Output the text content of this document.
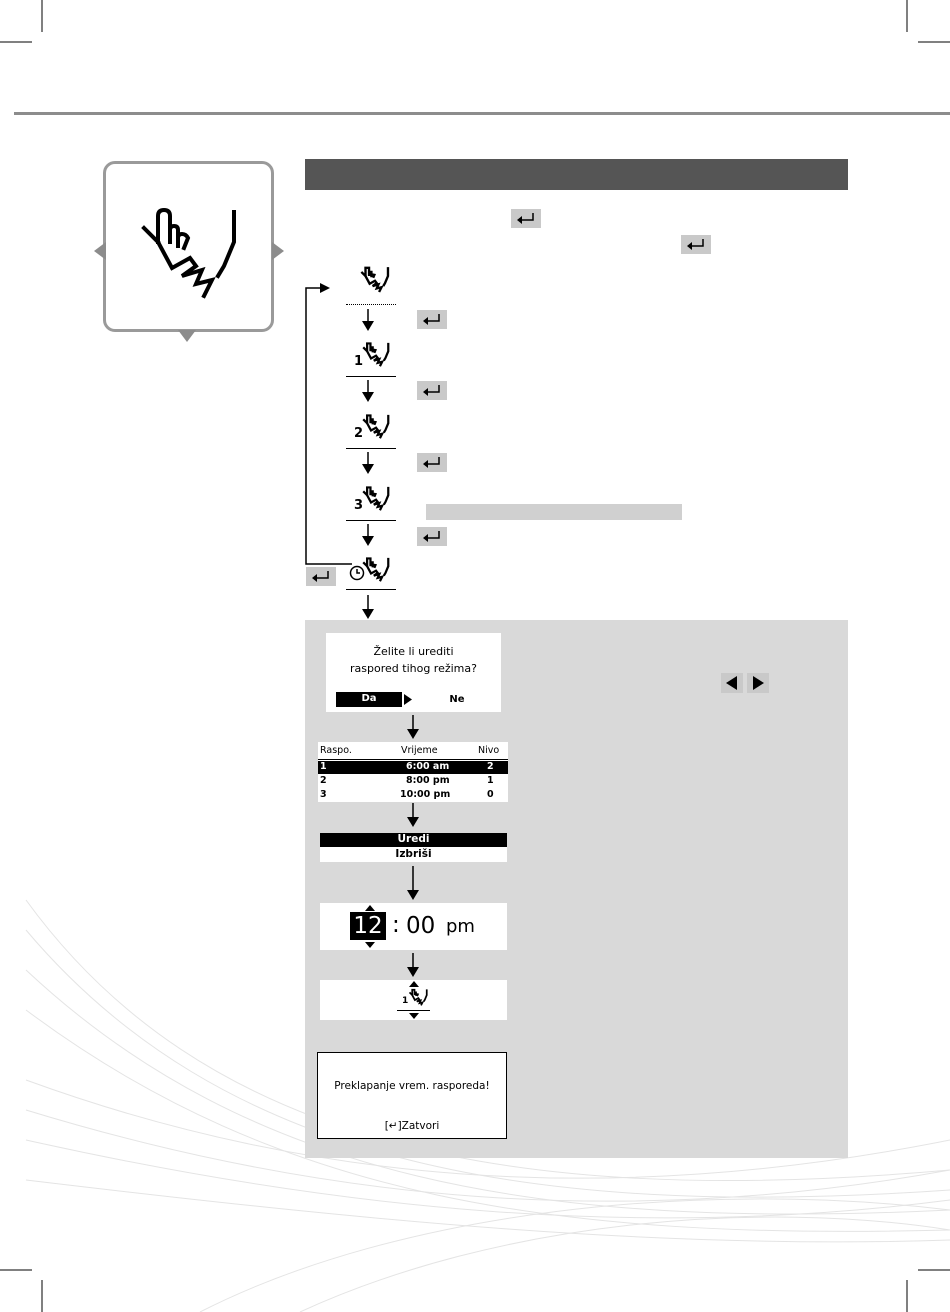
1
2
3
Želite li urediti
raspored tihog režima?
Da	Ne
Raspo.	Vrijeme	Nivo
1	6:00 am	2
2	8:00 pm	1
3	10:00 pm	0
Uredi
Izbriši
12 : 00 pm
1
Preklapanje vrem. rasporeda!
[↵]Zatvori
